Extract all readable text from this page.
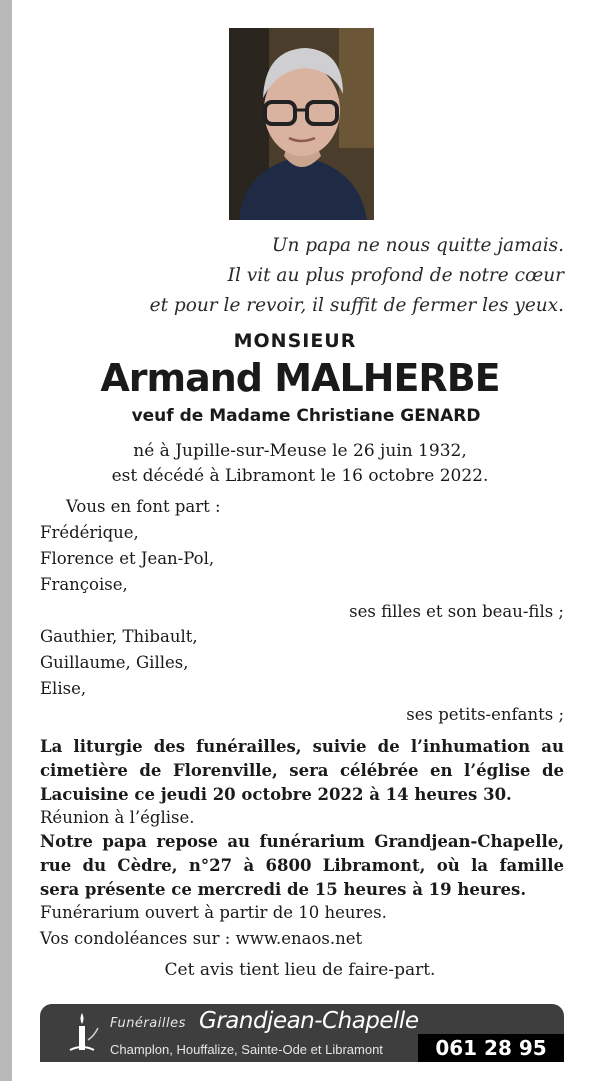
Un papa ne nous quitte jamais.
Il vit au plus profond de notre cœur
et pour le revoir, il suffit de fermer les yeux.
MONSIEUR
Armand MALHERBE
veuf de Madame Christiane GENARD
né à Jupille-sur-Meuse le 26 juin 1932,
est décédé à Libramont le 16 octobre 2022.
Vous en font part :
Frédérique,
Florence et Jean-Pol,
Françoise,
ses filles et son beau-fils ;
Gauthier, Thibault,
Guillaume, Gilles,
Elise,
ses petits-enfants ;
La liturgie des funérailles, suivie de l’inhumation au
cimetière de Florenville, sera célébrée en l’église de
Lacuisine ce jeudi 20 octobre 2022 à 14 heures 30.
Réunion à l’église.
Notre papa repose au funérarium Grandjean-Chapelle,
rue du Cèdre, n°27 à 6800 Libramont, où la famille
sera présente ce mercredi de 15 heures à 19 heures.
Funérarium ouvert à partir de 10 heures.
Vos condoléances sur : www.enaos.net
Cet avis tient lieu de faire-part.
Funérailles Grandjean-Chapelle
Champlon, Houffalize, Sainte-Ode et Libramont	061 28 95 43
